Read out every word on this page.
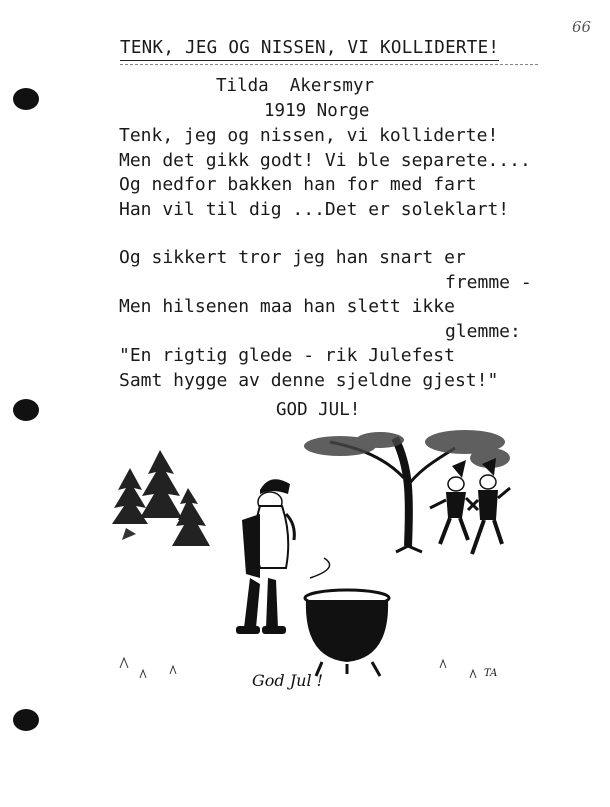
66
TENK, JEG OG NISSEN, VI KOLLIDERTE!
Tilda  Akersmyr
1919 Norge
Tenk, jeg og nissen, vi kolliderte!
Men det gikk godt! Vi ble separete....
Og nedfor bakken han for med fart
Han vil til dig ...Det er soleklart!
Og sikkert tror jeg han snart er
fremme -
Men hilsenen maa han slett ikke
glemme:
"En rigtig glede - rik Julefest
Samt hygge av denne sjeldne gjest!"
GOD JUL!
God Jul !	TA
